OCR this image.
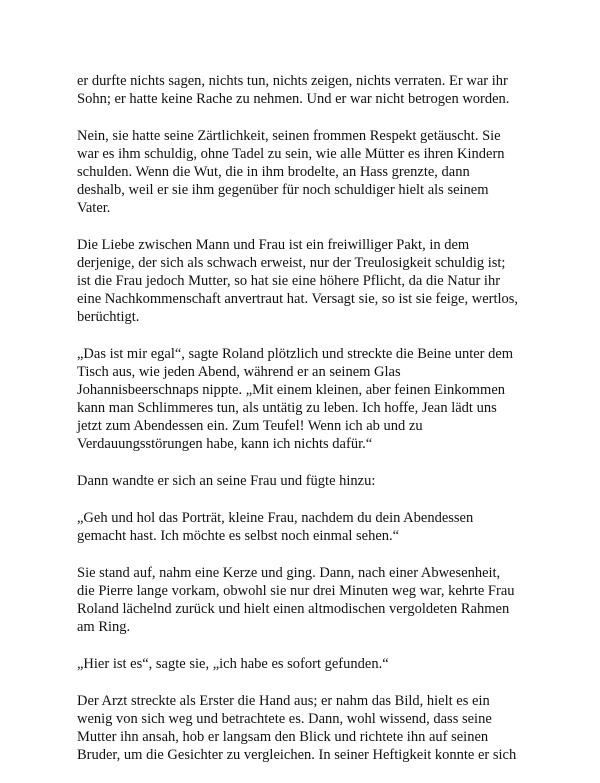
er durfte nichts sagen, nichts tun, nichts zeigen, nichts verraten. Er war ihr
Sohn; er hatte keine Rache zu nehmen. Und er war nicht betrogen worden.

Nein, sie hatte seine Zärtlichkeit, seinen frommen Respekt getäuscht. Sie
war es ihm schuldig, ohne Tadel zu sein, wie alle Mütter es ihren Kindern
schulden. Wenn die Wut, die in ihm brodelte, an Hass grenzte, dann
deshalb, weil er sie ihm gegenüber für noch schuldiger hielt als seinem
Vater.

Die Liebe zwischen Mann und Frau ist ein freiwilliger Pakt, in dem
derjenige, der sich als schwach erweist, nur der Treulosigkeit schuldig ist;
ist die Frau jedoch Mutter, so hat sie eine höhere Pflicht, da die Natur ihr
eine Nachkommenschaft anvertraut hat. Versagt sie, so ist sie feige, wertlos,
berüchtigt.

„Das ist mir egal“, sagte Roland plötzlich und streckte die Beine unter dem
Tisch aus, wie jeden Abend, während er an seinem Glas
Johannisbeerschnaps nippte. „Mit einem kleinen, aber feinen Einkommen
kann man Schlimmeres tun, als untätig zu leben. Ich hoffe, Jean lädt uns
jetzt zum Abendessen ein. Zum Teufel! Wenn ich ab und zu
Verdauungsstörungen habe, kann ich nichts dafür.“

Dann wandte er sich an seine Frau und fügte hinzu:

„Geh und hol das Porträt, kleine Frau, nachdem du dein Abendessen
gemacht hast. Ich möchte es selbst noch einmal sehen.“

Sie stand auf, nahm eine Kerze und ging. Dann, nach einer Abwesenheit,
die Pierre lange vorkam, obwohl sie nur drei Minuten weg war, kehrte Frau
Roland lächelnd zurück und hielt einen altmodischen vergoldeten Rahmen
am Ring.

„Hier ist es“, sagte sie, „ich habe es sofort gefunden.“

Der Arzt streckte als Erster die Hand aus; er nahm das Bild, hielt es ein
wenig von sich weg und betrachtete es. Dann, wohl wissend, dass seine
Mutter ihn ansah, hob er langsam den Blick und richtete ihn auf seinen
Bruder, um die Gesichter zu vergleichen. In seiner Heftigkeit konnte er sich
